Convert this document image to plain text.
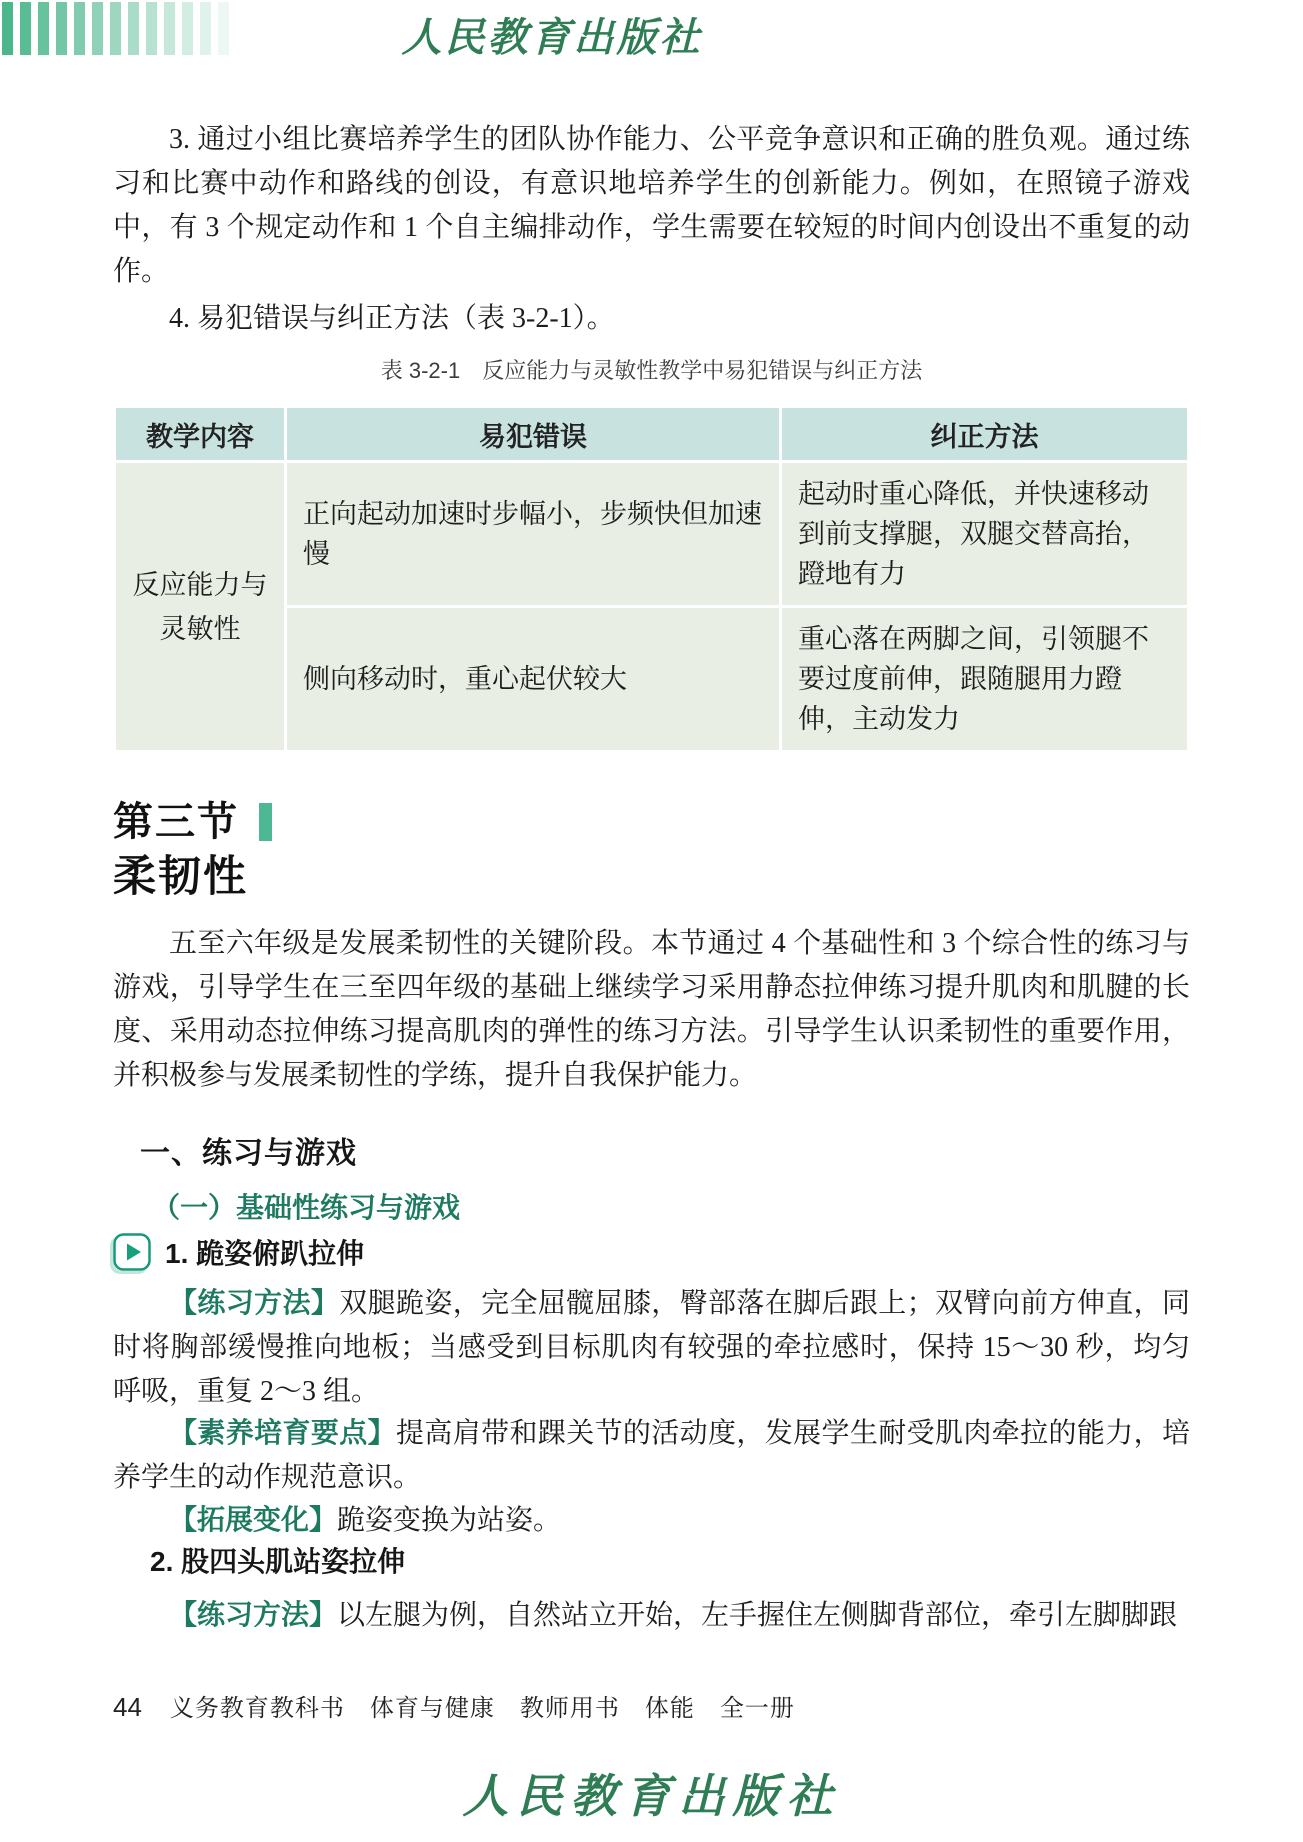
人民教育出版社

3. 通过小组比赛培养学生的团队协作能力、公平竞争意识和正确的胜负观。通过练习和比赛中动作和路线的创设，有意识地培养学生的创新能力。例如，在照镜子游戏中，有 3 个规定动作和 1 个自主编排动作，学生需要在较短的时间内创设出不重复的动作。

4. 易犯错误与纠正方法（表 3-2-1）。

表 3-2-1　反应能力与灵敏性教学中易犯错误与纠正方法
教学内容	易犯错误	纠正方法
反应能力与灵敏性	正向起动加速时步幅小，步频快但加速慢	起动时重心降低，并快速移动到前支撑腿，双腿交替高抬，蹬地有力
	侧向移动时，重心起伏较大	重心落在两脚之间，引领腿不要过度前伸，跟随腿用力蹬伸，主动发力
第三节
柔韧性

五至六年级是发展柔韧性的关键阶段。本节通过 4 个基础性和 3 个综合性的练习与游戏，引导学生在三至四年级的基础上继续学习采用静态拉伸练习提升肌肉和肌腱的长度、采用动态拉伸练习提高肌肉的弹性的练习方法。引导学生认识柔韧性的重要作用，并积极参与发展柔韧性的学练，提升自我保护能力。

一、练习与游戏
（一）基础性练习与游戏
1. 跪姿俯趴拉伸

【练习方法】双腿跪姿，完全屈髋屈膝，臀部落在脚后跟上；双臂向前方伸直，同时将胸部缓慢推向地板；当感受到目标肌肉有较强的牵拉感时，保持 15～30 秒，均匀呼吸，重复 2～3 组。

【素养培育要点】提高肩带和踝关节的活动度，发展学生耐受肌肉牵拉的能力，培养学生的动作规范意识。

【拓展变化】跪姿变换为站姿。

2. 股四头肌站姿拉伸

【练习方法】以左腿为例，自然站立开始，左手握住左侧脚背部位，牵引左脚脚跟

44 义务教育教科书　体育与健康　教师用书　体能　全一册
人民教育出版社
